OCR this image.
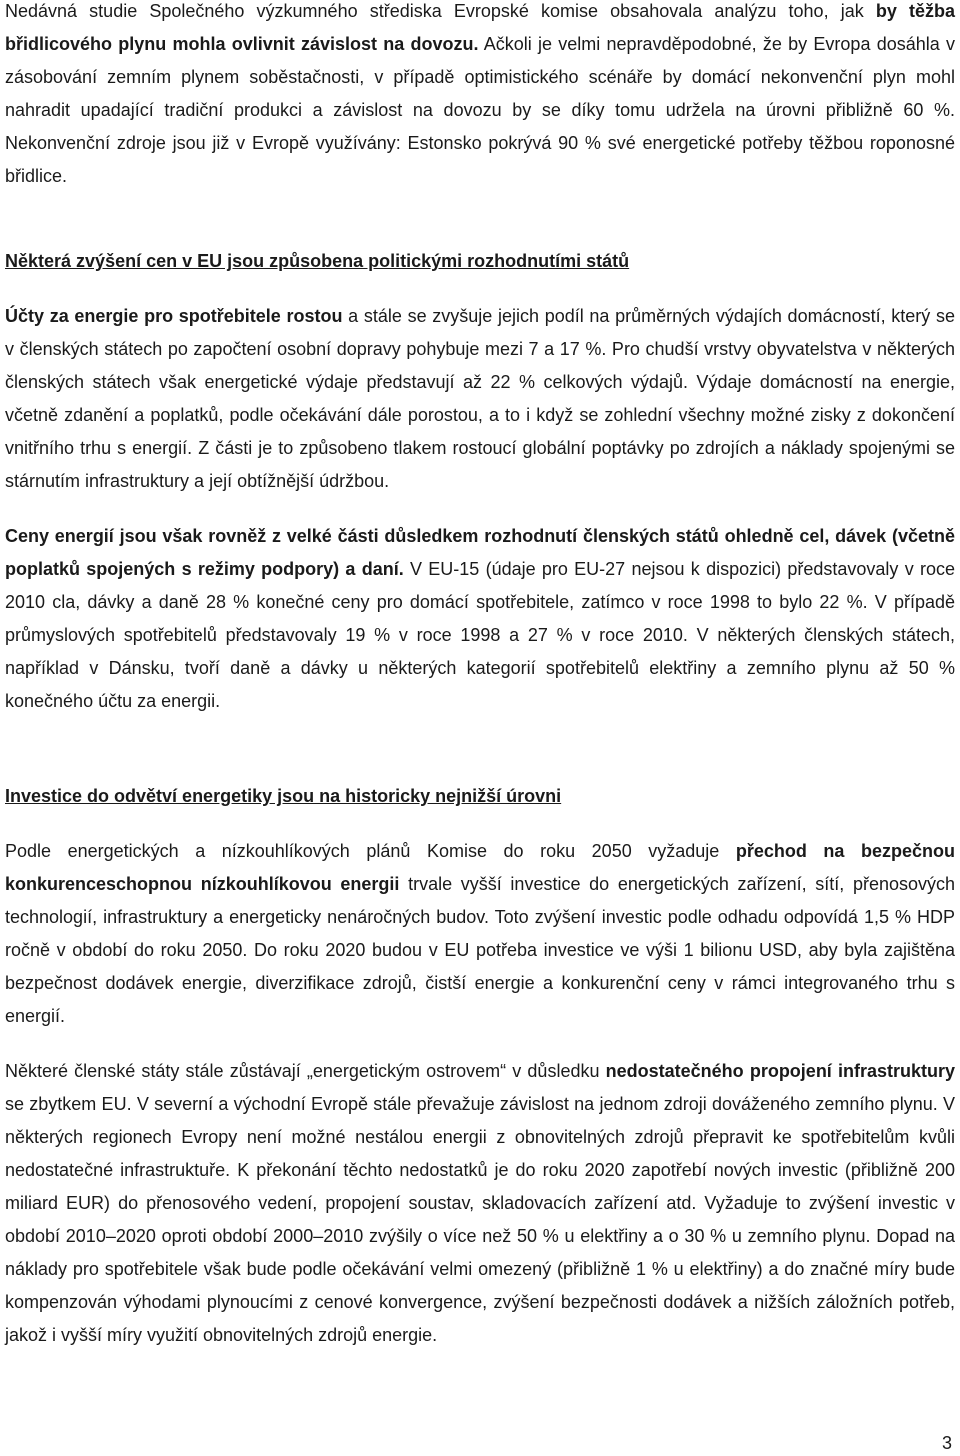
Nedávná studie Společného výzkumného střediska Evropské komise obsahovala analýzu toho, jak by těžba břidlicového plynu mohla ovlivnit závislost na dovozu. Ačkoli je velmi nepravděpodobné, že by Evropa dosáhla v zásobování zemním plynem soběstačnosti, v případě optimistického scénáře by domácí nekonvenční plyn mohl nahradit upadající tradiční produkci a závislost na dovozu by se díky tomu udržela na úrovni přibližně 60 %. Nekonvenční zdroje jsou již v Evropě využívány: Estonsko pokrývá 90 % své energetické potřeby těžbou roponosné břidlice.

Některá zvýšení cen v EU jsou způsobena politickými rozhodnutími států

Účty za energie pro spotřebitele rostou a stále se zvyšuje jejich podíl na průměrných výdajích domácností, který se v členských státech po započtení osobní dopravy pohybuje mezi 7 a 17 %. Pro chudší vrstvy obyvatelstva v některých členských státech však energetické výdaje představují až 22 % celkových výdajů. Výdaje domácností na energie, včetně zdanění a poplatků, podle očekávání dále porostou, a to i když se zohlední všechny možné zisky z dokončení vnitřního trhu s energií. Z části je to způsobeno tlakem rostoucí globální poptávky po zdrojích a náklady spojenými se stárnutím infrastruktury a její obtížnější údržbou.

Ceny energií jsou však rovněž z velké části důsledkem rozhodnutí členských států ohledně cel, dávek (včetně poplatků spojených s režimy podpory) a daní. V EU-15 (údaje pro EU-27 nejsou k dispozici) představovaly v roce 2010 cla, dávky a daně 28 % konečné ceny pro domácí spotřebitele, zatímco v roce 1998 to bylo 22 %. V případě průmyslových spotřebitelů představovaly 19 % v roce 1998 a 27 % v roce 2010. V některých členských státech, například v Dánsku, tvoří daně a dávky u některých kategorií spotřebitelů elektřiny a zemního plynu až 50 % konečného účtu za energii.

Investice do odvětví energetiky jsou na historicky nejnižší úrovni

Podle energetických a nízkouhlíkových plánů Komise do roku 2050 vyžaduje přechod na bezpečnou konkurenceschopnou nízkouhlíkovou energii trvale vyšší investice do energetických zařízení, sítí, přenosových technologií, infrastruktury a energeticky nenáročných budov. Toto zvýšení investic podle odhadu odpovídá 1,5 % HDP ročně v období do roku 2050. Do roku 2020 budou v EU potřeba investice ve výši 1 bilionu USD, aby byla zajištěna bezpečnost dodávek energie, diverzifikace zdrojů, čistší energie a konkurenční ceny v rámci integrovaného trhu s energií.

Některé členské státy stále zůstávají „energetickým ostrovem“ v důsledku nedostatečného propojení infrastruktury se zbytkem EU. V severní a východní Evropě stále převažuje závislost na jednom zdroji dováženého zemního plynu. V některých regionech Evropy není možné nestálou energii z obnovitelných zdrojů přepravit ke spotřebitelům kvůli nedostatečné infrastruktuře. K překonání těchto nedostatků je do roku 2020 zapotřebí nových investic (přibližně 200 miliard EUR) do přenosového vedení, propojení soustav, skladovacích zařízení atd. Vyžaduje to zvýšení investic v období 2010–2020 oproti období 2000–2010 zvýšily o více než 50 % u elektřiny a o 30 % u zemního plynu. Dopad na náklady pro spotřebitele však bude podle očekávání velmi omezený (přibližně 1 % u elektřiny) a do značné míry bude kompenzován výhodami plynoucími z cenové konvergence, zvýšení bezpečnosti dodávek a nižších záložních potřeb, jakož i vyšší míry využití obnovitelných zdrojů energie.

3
